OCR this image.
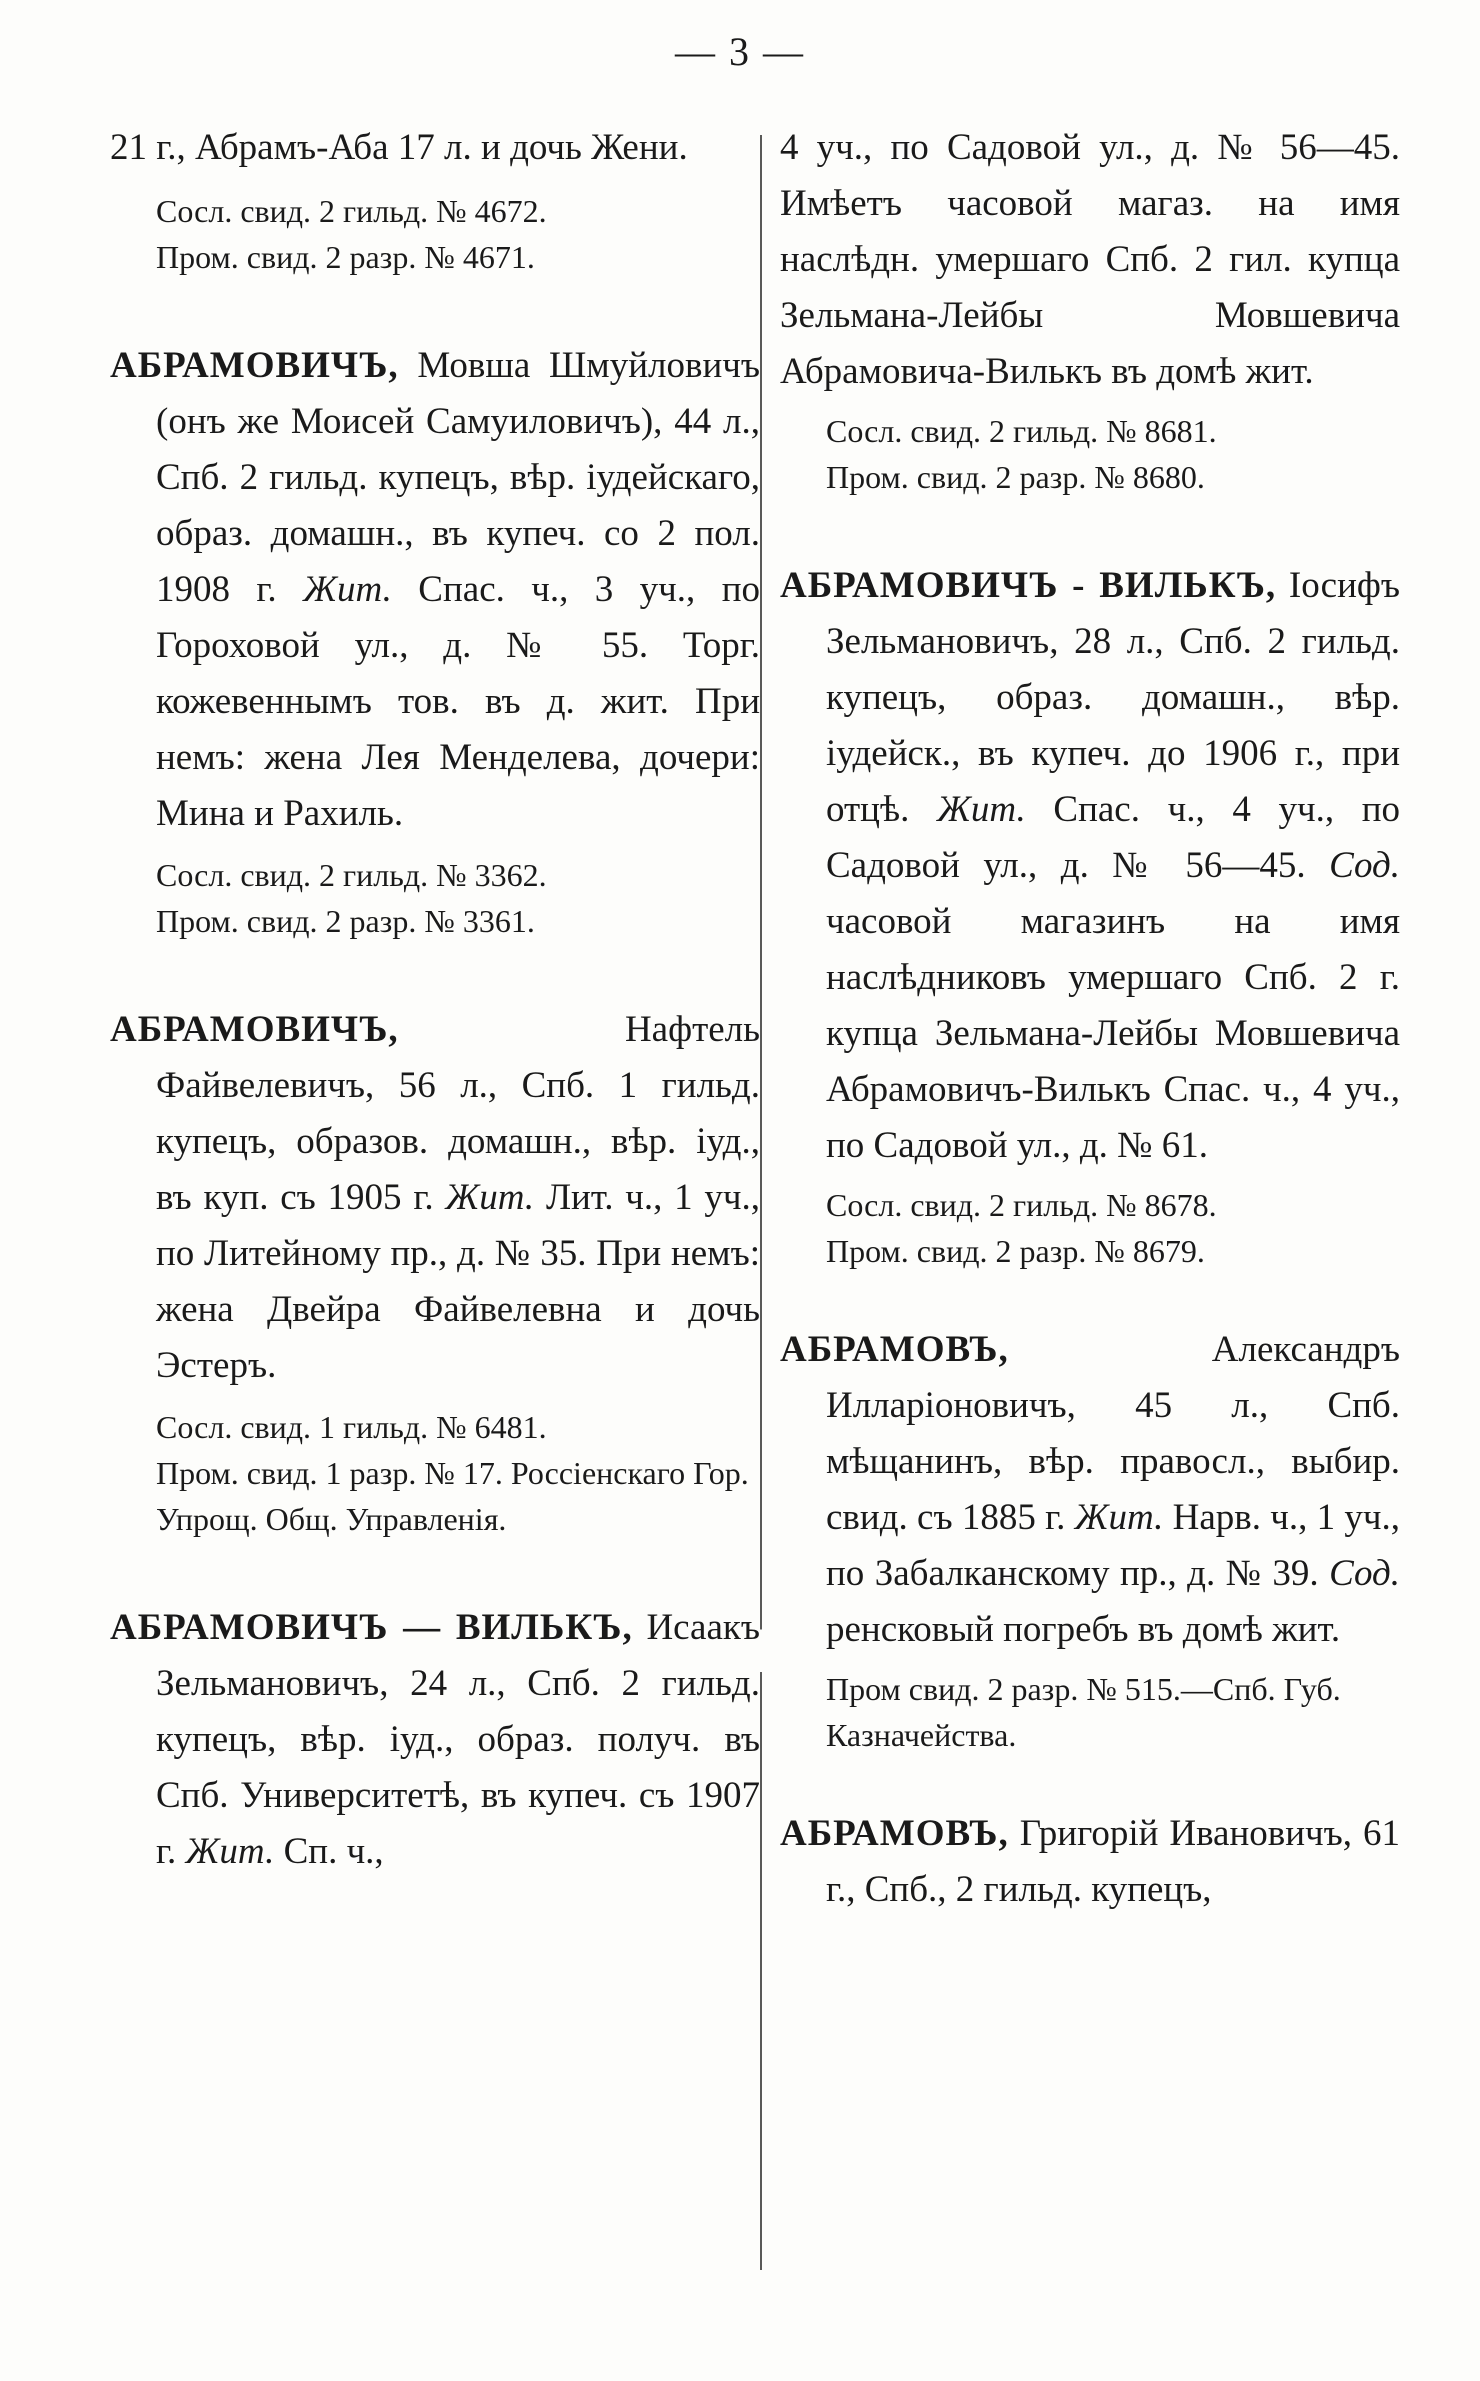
— 3 —

21 г., Абрамъ-Аба 17 л. и дочь Жени.

Сосл. свид. 2 гильд. № 4672.

Пром. свид. 2 разр. № 4671.

АБРАМОВИЧЪ, Мовша Шмуйловичъ (онъ же Моисей Самуиловичъ), 44 л., Спб. 2 гильд. купецъ, вѣр. іудейскаго, образ. домашн., въ купеч. со 2 пол. 1908 г. Жит. Спас. ч., 3 уч., по Гороховой ул., д. № 55. Торг. кожевеннымъ тов. въ д. жит. При немъ: жена Лея Менделева, дочери: Мина и Рахиль.

Сосл. свид. 2 гильд. № 3362.

Пром. свид. 2 разр. № 3361.

АБРАМОВИЧЪ, Нафтель Файвелевичъ, 56 л., Спб. 1 гильд. купецъ, образов. домашн., вѣр. іуд., въ куп. съ 1905 г. Жит. Лит. ч., 1 уч., по Литейному пр., д. № 35. При немъ: жена Двейра Файвелевна и дочь Эстеръ.

Сосл. свид. 1 гильд. № 6481.

Пром. свид. 1 разр. № 17. Россіенскаго Гор. Упрощ. Общ. Управленія.

АБРАМОВИЧЪ — ВИЛЬКЪ, Исаакъ Зельмановичъ, 24 л., Спб. 2 гильд. купецъ, вѣр. іуд., образ. получ. въ Спб. Университетѣ, въ купеч. съ 1907 г. Жит. Сп. ч.,

4 уч., по Садовой ул., д. № 56—45. Имѣетъ часовой магаз. на имя наслѣдн. умершаго Спб. 2 гил. купца Зельмана-Лейбы Мовшевича Абрамовича-Вилькъ въ домѣ жит.

Сосл. свид. 2 гильд. № 8681.

Пром. свид. 2 разр. № 8680.

АБРАМОВИЧЪ - ВИЛЬКЪ, Іосифъ Зельмановичъ, 28 л., Спб. 2 гильд. купецъ, образ. домашн., вѣр. іудейск., въ купеч. до 1906 г., при отцѣ. Жит. Спас. ч., 4 уч., по Садовой ул., д. № 56—45. Сод. часовой магазинъ на имя наслѣдниковъ умершаго Спб. 2 г. купца Зельмана-Лейбы Мовшевича Абрамовичъ-Вилькъ Спас. ч., 4 уч., по Садовой ул., д. № 61.

Сосл. свид. 2 гильд. № 8678.

Пром. свид. 2 разр. № 8679.

АБРАМОВЪ, Александръ Илларіоновичъ, 45 л., Спб. мѣщанинъ, вѣр. правосл., выбир. свид. съ 1885 г. Жит. Нарв. ч., 1 уч., по Забалканскому пр., д. № 39. Сод. ренсковый погребъ въ домѣ жит.

Пром свид. 2 разр. № 515.—Спб. Губ. Казначейства.

АБРАМОВЪ, Григорій Ивановичъ, 61 г., Спб., 2 гильд. купецъ,
